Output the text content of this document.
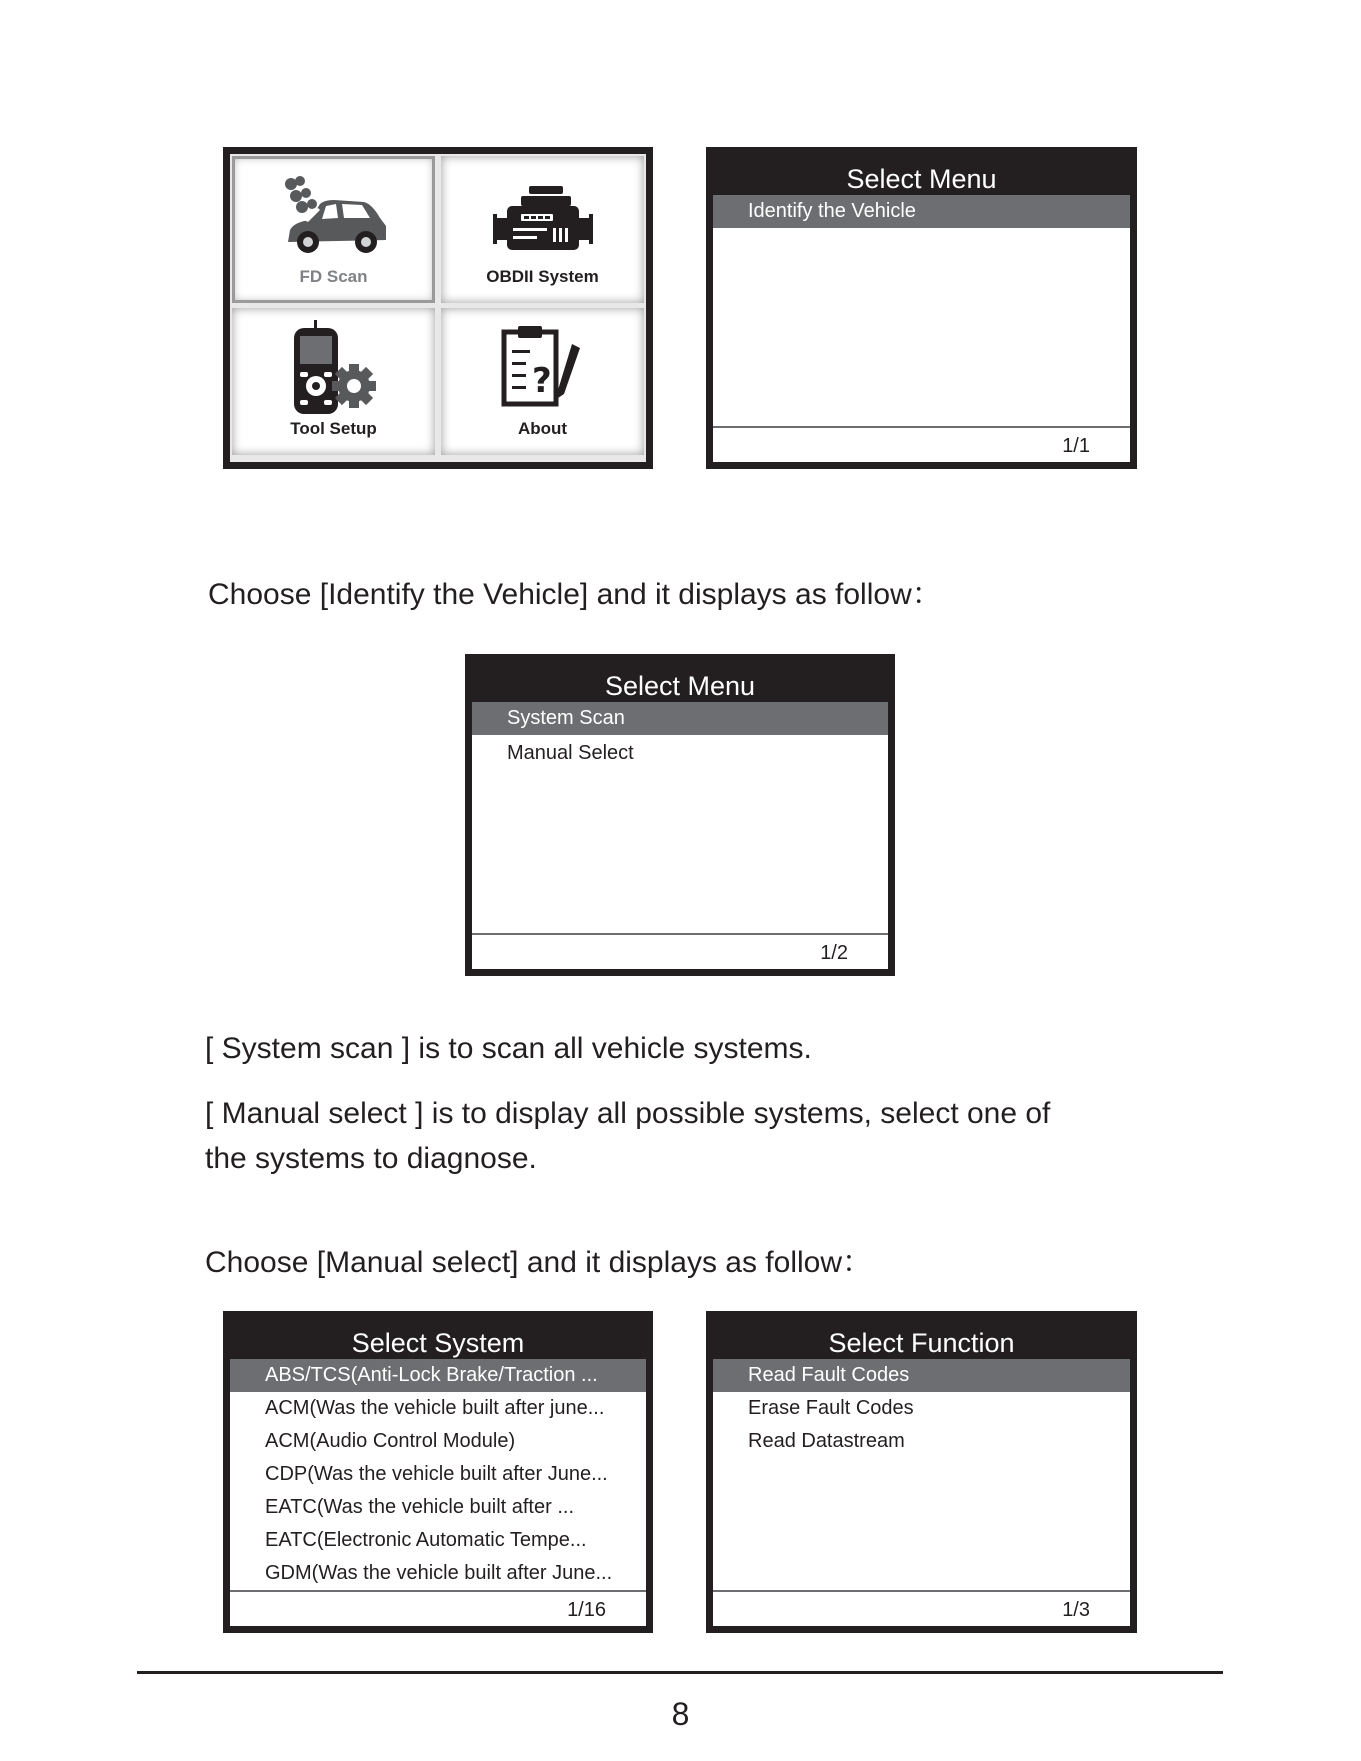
FD Scan	OBDII System
Tool Setup
?
About
Select Menu
Identify the Vehicle
1/1
Choose [Identify the Vehicle] and it displays as follow：
Select Menu
System Scan
Manual Select
1/2
[ System scan ] is to scan all vehicle systems.
[ Manual select ] is to display all possible systems, select one of
the systems to diagnose.
Choose [Manual select] and it displays as follow：
Select System
ABS/TCS(Anti-Lock Brake/Traction ...
ACM(Was the vehicle built after june...
ACM(Audio Control Module)
CDP(Was the vehicle built after June...
EATC(Was the vehicle built after ...
EATC(Electronic Automatic Tempe...
GDM(Was the vehicle built after June...
1/16
Select Function
Read Fault Codes
Erase Fault Codes
Read Datastream
1/3
8
